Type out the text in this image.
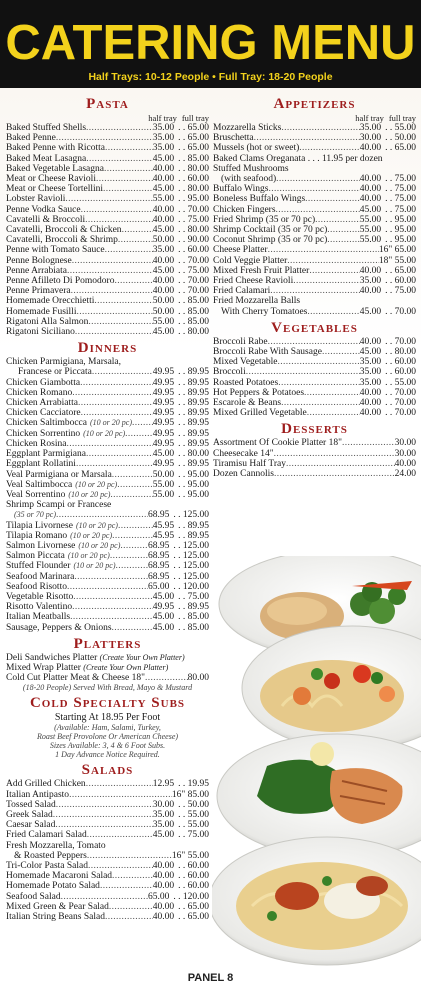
CATERING MENU
Half Trays: 10-12 People • Full Tray: 18-20 People
Pasta
half tray full tray
Baked Stuffed Shells . . .	35.00 . . 65.00
Baked Penne . . .	35.00 . . 65.00
Baked Penne with Ricotta . . .	35.00 . . 65.00
Baked Meat Lasagna . . .	45.00 . . 85.00
Baked Vegetable Lasagna . . .	40.00 . . 80.00
Meat or Cheese Ravioli . . .	40.00 . . 60.00
Meat or Cheese Tortellini . . .	45.00 . . 80.00
Lobster Ravioli . . .	55.00 . . 95.00
Penne Vodka Sauce . . .	40.00 . . 70.00
Cavatelli & Broccoli . . .	40.00 . . 75.00
Cavatelli, Broccoli & Chicken . . .	45.00 . . 80.00
Cavatelli, Broccoli & Shrimp . . .	50.00 . . 90.00
Penne with Tomato Sauce . . .	35.00 . . 60.00
Penne Bolognese . . .	40.00 . . 70.00
Penne Arrabiata . . .	45.00 . . 75.00
Penne Afilleto Di Pomodoro . . .	40.00 . . 70.00
Penne Primavera . . .	40.00 . . 70.00
Homemade Orecchietti . . .	50.00 . . 85.00
Homemade Fusilli . . .	50.00 . . 85.00
Rigatoni Alla Salmon . . .	55.00 . . 85.00
Rigatoni Siciliano . . .	45.00 . . 80.00
Dinners
Chicken Parmigiana, Marsala,
Francese or Piccata . . .	49.95 . . 89.95
Chicken Giambotta . . .	49.95 . . 89.95
Chicken Romano . . .	49.95 . . 89.95
Chicken Arrabiatta . . .	49.95 . . 89.95
Chicken Cacciatore . . .	49.95 . . 89.95
Chicken Saltimbocca (10 or 20 pc) . . . 49.95 . . 89.95
Chicken Sorrentino (10 or 20 pc) . . .	49.95 . . 89.95
Chicken Rosina . . .	49.95 . . 89.95
Eggplant Parmigiana . . .	45.00 . . 80.00
Eggplant Rollatini . . .	49.95 . . 89.95
Veal Parmigiana or Marsala . . .	50.00 . . 95.00
Veal Saltimbocca (10 or 20 pc) . . .	55.00 . . 95.00
Veal Sorrentino (10 or 20 pc) . . .	55.00 . . 95.00
Shrimp Scampi or Francese
(35 or 70 pc) . . .	68.95 . . 125.00
Tilapia Livornese (10 or 20 pc) . . .	45.95 . . 89.95
Tilapia Romano (10 or 20 pc) . . .	45.95 . . 89.95
Salmon Livornese (10 or 20 pc) . . .	68.95 . . 125.00
Salmon Piccata (10 or 20 pc) . . .	68.95 . . 125.00
Stuffed Flounder (10 or 20 pc) . . .	68.95 . . 125.00
Seafood Marinara . . .	68.95 . . 125.00
Seafood Risotto . . .	65.00 . . 120.00
Vegetable Risotto . . .	45.00 . . 75.00
Risotto Valentino . . .	49.95 . . 89.95
Italian Meatballs . . .	45.00 . . 85.00
Sausage, Peppers & Onions . . .	45.00 . . 85.00
Platters
Deli Sandwiches Platter (Create Your Own Platter)
Mixed Wrap Platter (Create Your Own Platter)
Cold Cut Platter Meat & Cheese 18" . . .	80.00
(18-20 People) Served With Bread, Mayo & Mustard
Cold Specialty Subs
Starting At 18.95 Per Foot
(Available: Ham, Salami, Turkey,
Roast Beef Provolone Or American Cheese)
Sizes Available: 3, 4 & 6 Foot Subs.
1 Day Advance Notice Required.
Salads
Add Grilled Chicken . . .	12.95 . . 19.95
Italian Antipasto . . .	16" 85.00
Tossed Salad . . .	30.00 . . 50.00
Greek Salad . . .	35.00 . . 55.00
Caesar Salad . . .	35.00 . . 55.00
Fried Calamari Salad . . .	45.00 . . 75.00
Fresh Mozzarella, Tomato
& Roasted Peppers . . .	16" 55.00
Tri-Color Pasta Salad . . .	40.00 . . 60.00
Homemade Macaroni Salad . . .	40.00 . . 60.00
Homemade Potato Salad . . .	40.00 . . 60.00
Seafood Salad . . .	65.00 . . 120.00
Mixed Green & Pear Salad . . .	40.00 . . 65.00
Italian String Beans Salad . . .	40.00 . . 65.00
Appetizers
half tray full tray
Mozzarella Sticks . . .	35.00 . . 55.00
Bruschetta . . .	30.00 . . 50.00
Mussels (hot or sweet) . . .	40.00 . . 65.00
Baked Clams Oreganata . . . 11.95 per dozen
Stuffed Mushrooms
(with seafood) . . .	40.00 . . 75.00
Buffalo Wings . . .	40.00 . . 75.00
Boneless Buffalo Wings . . .	40.00 . . 75.00
Chicken Fingers . . .	45.00 . . 75.00
Fried Shrimp (35 or 70 pc) . . .	55.00 . . 95.00
Shrimp Cocktail (35 or 70 pc) . . .	55.00 . . 95.00
Coconut Shrimp (35 or 70 pc) . . .	55.00 . . 95.00
Cheese Platter . . .	16" 65.00
Cold Veggie Platter . . .	18" 55.00
Mixed Fresh Fruit Platter . . .	40.00 . . 65.00
Fried Cheese Ravioli . . .	35.00 . . 60.00
Fried Calamari . . .	40.00 . . 75.00
Fried Mozzarella Balls
With Cherry Tomatoes . . .	45.00 . . 70.00
Vegetables
Broccoli Rabe . . .	40.00 . . 70.00
Broccoli Rabe With Sausage . . .	45.00 . . 80.00
Mixed Vegetable . . .	35.00 . . 60.00
Broccoli . . .	35.00 . . 60.00
Roasted Potatoes . . .	35.00 . . 55.00
Hot Peppers & Potatoes . . .	40.00 . . 70.00
Escarole & Beans . . .	40.00 . . 70.00
Mixed Grilled Vegetable . . .	40.00 . . 70.00
Desserts
Assortment Of Cookie Platter 18" . . .	30.00
Cheesecake 14" . . .	30.00
Tiramisu Half Tray . . .	40.00
Dozen Cannolis . . .	24.00
PANEL 8
